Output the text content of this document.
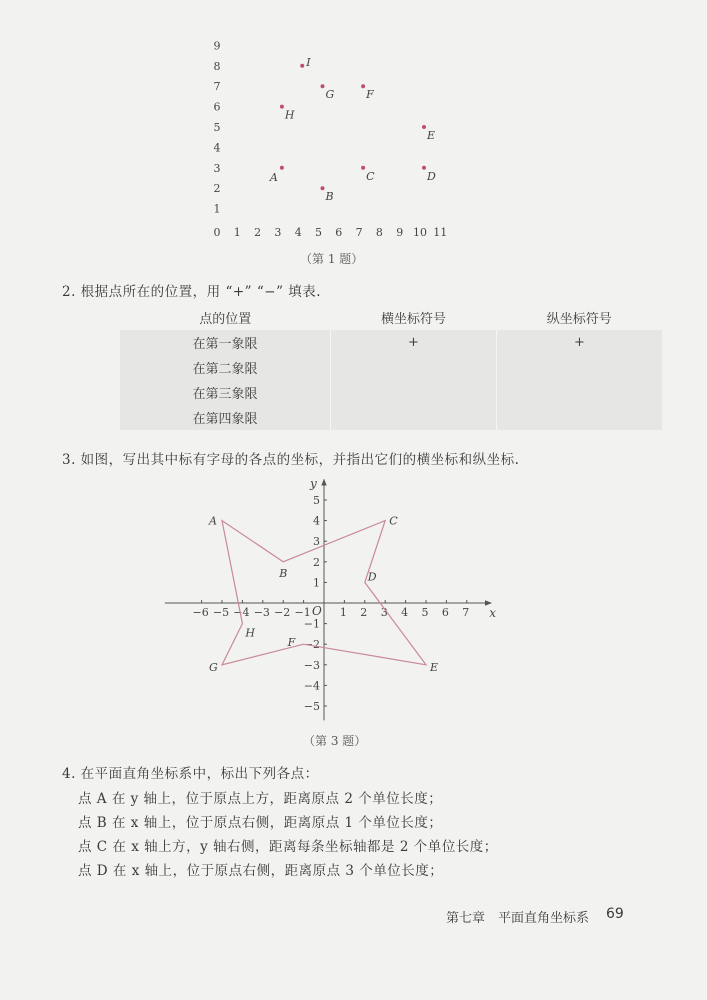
1
2
3
4
5
6
7
8
9
0 1 2 3 4 5 6 7 8 9 10 11
A
B
C	D
E
F
G
H
I
（第 1 题）
2. 根据点所在的位置，用 “+” “−” 填表.
点的位置	横坐标符号	纵坐标符号
在第一象限	+	+
在第二象限		
在第三象限		
在第四象限		
3. 如图，写出其中标有字母的各点的坐标，并指出它们的横坐标和纵坐标.
x
y
O
−6 −5 −4 −3 −2 −1	1 2 3 4 5 6 7
5
4
3
2
1
−1
−2
−3
−4
−5
A
B
C
D
E
F
G
H
（第 3 题）
4. 在平面直角坐标系中，标出下列各点：
点 A 在 y 轴上，位于原点上方，距离原点 2 个单位长度；
点 B 在 x 轴上，位于原点右侧，距离原点 1 个单位长度；
点 C 在 x 轴上方，y 轴右侧，距离每条坐标轴都是 2 个单位长度；
点 D 在 x 轴上，位于原点右侧，距离原点 3 个单位长度；
第七章　平面直角坐标系 69
